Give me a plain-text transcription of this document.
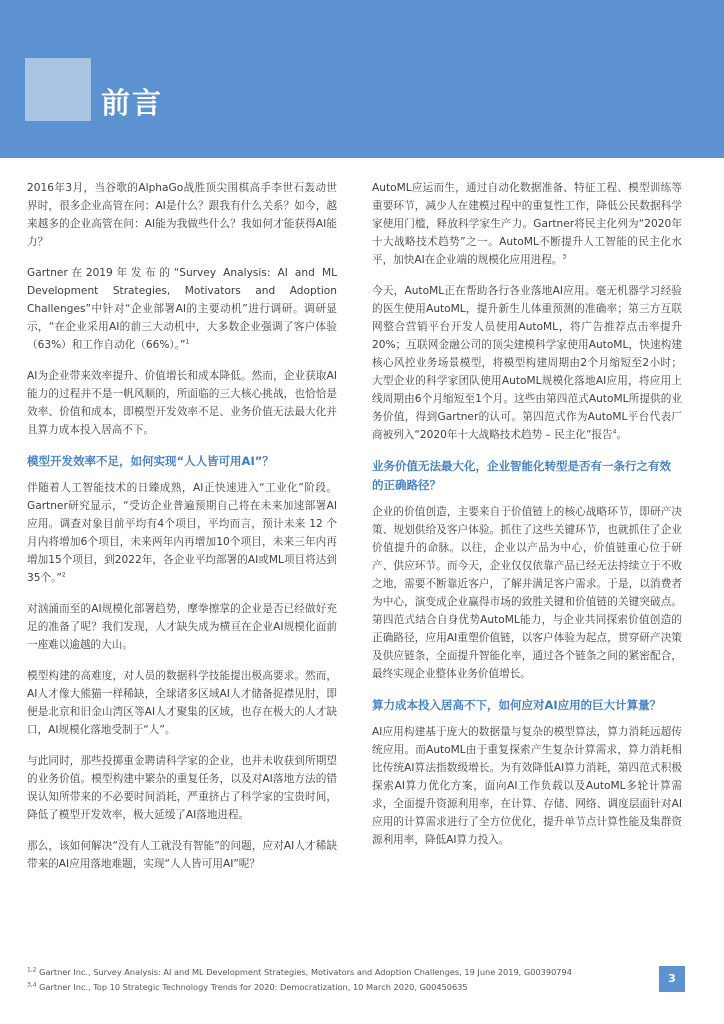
前言

2016年3月，当谷歌的AlphaGo战胜顶尖围棋高手李世石轰动世界时，很多企业高管在问：AI是什么？跟我有什么关系？如今，越来越多的企业高管在问：AI能为我做些什么？我如何才能获得AI能力？

Gartner在2019年发布的“Survey Analysis: AI and ML Development Strategies, Motivators and Adoption Challenges”中针对“企业部署AI的主要动机”进行调研。调研显示，“在企业采用AI的前三大动机中，大多数企业强调了客户体验（63%）和工作自动化（66%）。”$^1$

AI为企业带来效率提升、价值增长和成本降低。然而，企业获取AI能力的过程并不是一帆风顺的，所面临的三大核心挑战，也恰恰是效率、价值和成本，即模型开发效率不足、业务价值无法最大化并且算力成本投入居高不下。

模型开发效率不足，如何实现“人人皆可用AI”？

伴随着人工智能技术的日臻成熟，AI正快速进入“工业化”阶段。Gartner研究显示，“受访企业普遍预期自己将在未来加速部署AI应用。调查对象目前平均有4个项目，平均而言，预计未来 12 个月内将增加6个项目，未来两年内再增加10个项目，未来三年内再增加15个项目，到2022年，各企业平均部署的AI或ML项目将达到35个。”$^2$

对汹涌而至的AI规模化部署趋势，摩拳擦掌的企业是否已经做好充足的准备了呢？我们发现，人才缺失成为横亘在企业AI规模化面前一座难以逾越的大山。

模型构建的高难度，对人员的数据科学技能提出极高要求。然而，AI人才像大熊猫一样稀缺，全球诸多区域AI人才储备捉襟见肘，即便是北京和旧金山湾区等AI人才聚集的区域，也存在极大的人才缺口，AI规模化落地受制于“人”。

与此同时，那些投掷重金聘请科学家的企业，也并未收获到所期望的业务价值。模型构建中繁杂的重复任务，以及对AI落地方法的错误认知所带来的不必要时间消耗，严重挤占了科学家的宝贵时间，降低了模型开发效率，极大延缓了AI落地进程。

那么，该如何解决“没有人工就没有智能”的问题，应对AI人才稀缺带来的AI应用落地难题，实现“人人皆可用AI”呢？

AutoML应运而生，通过自动化数据准备、特征工程、模型训练等重要环节，减少人在建模过程中的重复性工作，降低公民数据科学家使用门槛，释放科学家生产力。Gartner将民主化列为“2020年十大战略技术趋势”之一。AutoML不断提升人工智能的民主化水平，加快AI在企业端的规模化应用进程。$^3$

今天，AutoML正在帮助各行各业落地AI应用。毫无机器学习经验的医生使用AutoML，提升新生儿体重预测的准确率；第三方互联网整合营销平台开发人员使用AutoML，将广告推荐点击率提升20%；互联网金融公司的顶尖建模科学家使用AutoML，快速构建核心风控业务场景模型，将模型构建周期由2个月缩短至2小时；大型企业的科学家团队使用AutoML规模化落地AI应用，将应用上线周期由6个月缩短至1个月。这些由第四范式AutoML所提供的业务价值，得到Gartner的认可。第四范式作为AutoML平台代表厂商被列入“2020年十大战略技术趋势 – 民主化”报告$^4$。

业务价值无法最大化，企业智能化转型是否有一条行之有效的正确路径？

企业的价值创造，主要来自于价值链上的核心战略环节，即研产决策、规划供给及客户体验。抓住了这些关键环节，也就抓住了企业价值提升的命脉。以往，企业以产品为中心，价值链重心位于研产、供应环节。而今天，企业仅仅依靠产品已经无法持续立于不败之地，需要不断靠近客户，了解并满足客户需求。于是，以消费者为中心，演变成企业赢得市场的致胜关键和价值链的关键突破点。第四范式结合自身优势AutoML能力，与企业共同探索价值创造的正确路径，应用AI重塑价值链，以客户体验为起点，贯穿研产决策及供应链条，全面提升智能化率，通过各个链条之间的紧密配合，最终实现企业整体业务价值增长。

算力成本投入居高不下，如何应对AI应用的巨大计算量？

AI应用构建基于庞大的数据量与复杂的模型算法，算力消耗远超传统应用。而AutoML由于重复探索产生复杂计算需求，算力消耗相比传统AI算法指数级增长。为有效降低AI算力消耗，第四范式积极探索AI算力优化方案，面向AI工作负载以及AutoML多轮计算需求，全面提升资源利用率，在计算、存储、网络、调度层面针对AI应用的计算需求进行了全方位优化，提升单节点计算性能及集群资源利用率，降低AI算力投入。

$^{1,2}$ Gartner Inc., Survey Analysis: AI and ML Development Strategies, Motivators and Adoption Challenges, 19 June 2019, G00390794
$^{3,4}$ Gartner Inc., Top 10 Strategic Technology Trends for 2020: Democratization, 10 March 2020, G00450635
3
